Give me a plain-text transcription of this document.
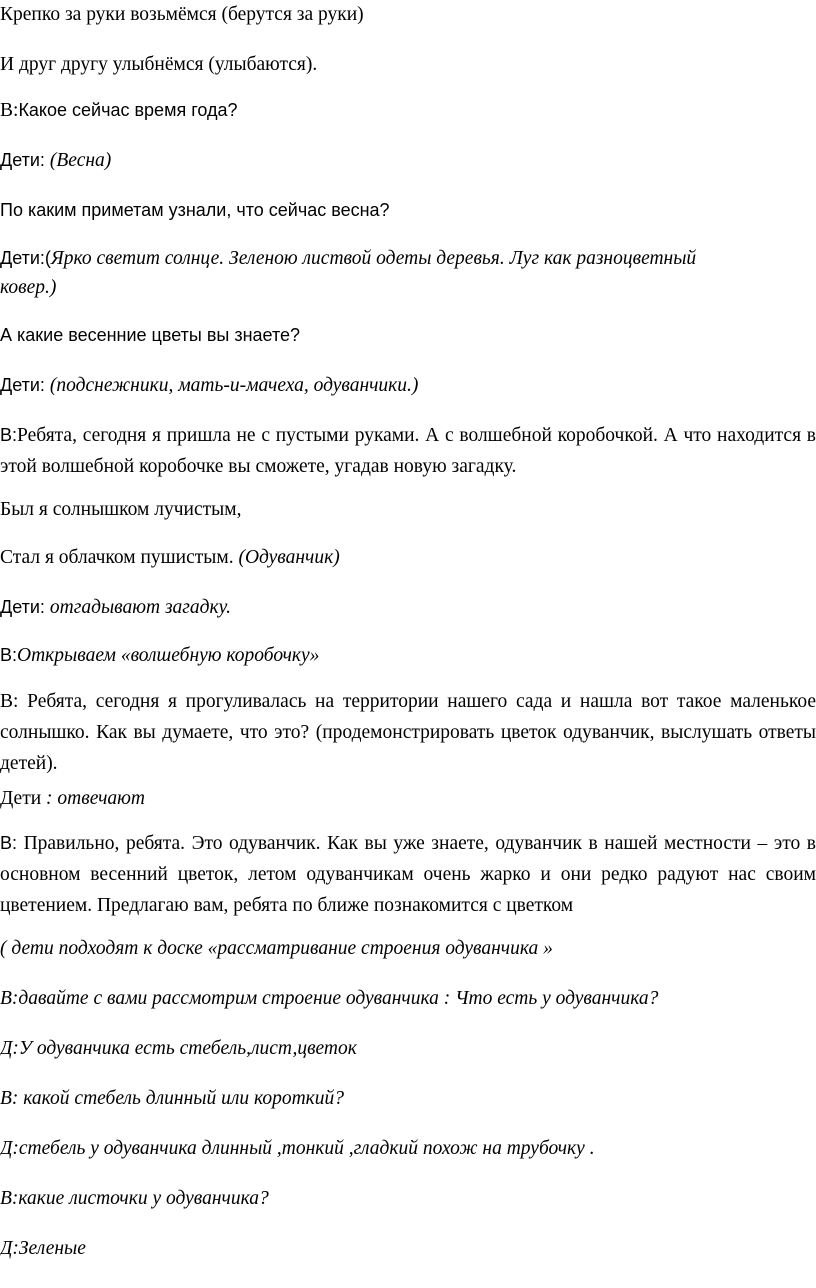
Крепко за руки возьмёмся (берутся за руки)
И друг другу улыбнёмся (улыбаются).
В:Какое сейчас время года?
Дети: (Весна)
По каким приметам узнали, что сейчас весна?
Дети:(Ярко светит солнце. Зеленою листвой одеты деревья. Луг как разноцветный
ковер.)
А какие весенние цветы вы знаете?
Дети: (подснежники, мать-и-мачеха, одуванчики.)
В:Ребята, сегодня я пришла не с пустыми руками. А с волшебной коробочкой. А что находится в этой волшебной коробочке вы сможете, угадав новую загадку.
Был я солнышком лучистым,
Стал я облачком пушистым. (Одуванчик)
Дети: отгадывают загадку.
В:Открываем «волшебную коробочку»
В: Ребята, сегодня я прогуливалась на территории нашего сада и нашла вот такое маленькое солнышко. Как вы думаете, что это? (продемонстрировать цветок одуванчик, выслушать ответы детей).
Дети : отвечают
В: Правильно, ребята. Это одуванчик. Как вы уже знаете, одуванчик в нашей местности – это в основном весенний цветок, летом одуванчикам очень жарко и они редко радуют нас своим цветением. Предлагаю вам, ребята по ближе познакомится с цветком
( дети подходят к доске «рассматривание строения одуванчика »
В:давайте с вами рассмотрим строение одуванчика : Что есть у одуванчика?
Д:У одуванчика есть стебель,лист,цветок
В: какой стебель длинный или короткий?
Д:стебель у одуванчика длинный ,тонкий ,гладкий похож на трубочку .
В:какие листочки у одуванчика?
Д:Зеленые
